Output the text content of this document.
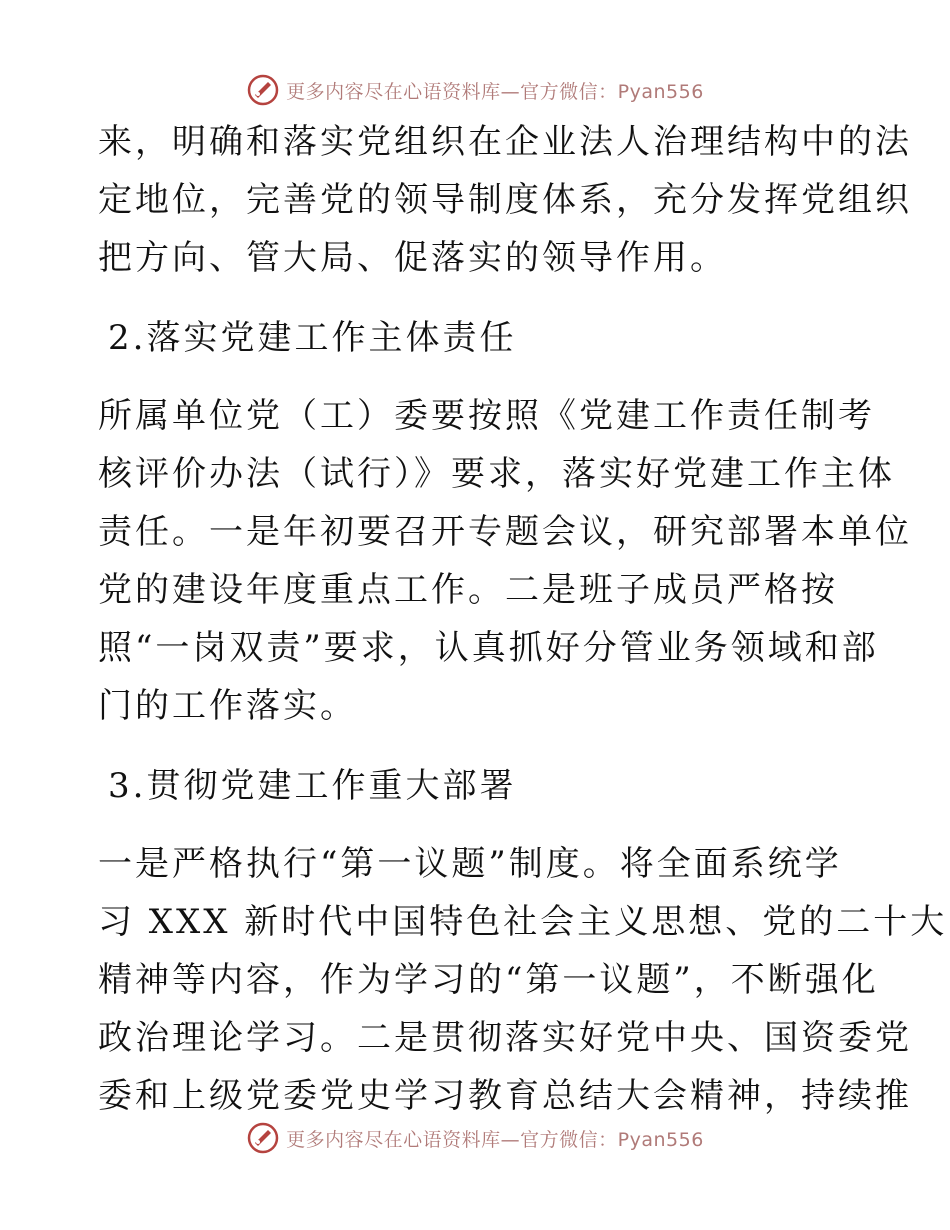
更多内容尽在心语资料库—官方微信：Pyan556

来，明确和落实党组织在企业法人治理结构中的法
定地位，完善党的领导制度体系，充分发挥党组织
把方向、管大局、促落实的领导作用。

2.落实党建工作主体责任

所属单位党（工）委要按照《党建工作责任制考
核评价办法（试行）》要求，落实好党建工作主体
责任。一是年初要召开专题会议，研究部署本单位
党的建设年度重点工作。二是班子成员严格按
照“一岗双责”要求，认真抓好分管业务领域和部
门的工作落实。

3.贯彻党建工作重大部署

一是严格执行“第一议题”制度。将全面系统学
习 XXX 新时代中国特色社会主义思想、党的二十大
精神等内容，作为学习的“第一议题”，不断强化
政治理论学习。二是贯彻落实好党中央、国资委党
委和上级党委党史学习教育总结大会精神，持续推

更多内容尽在心语资料库—官方微信：Pyan556
